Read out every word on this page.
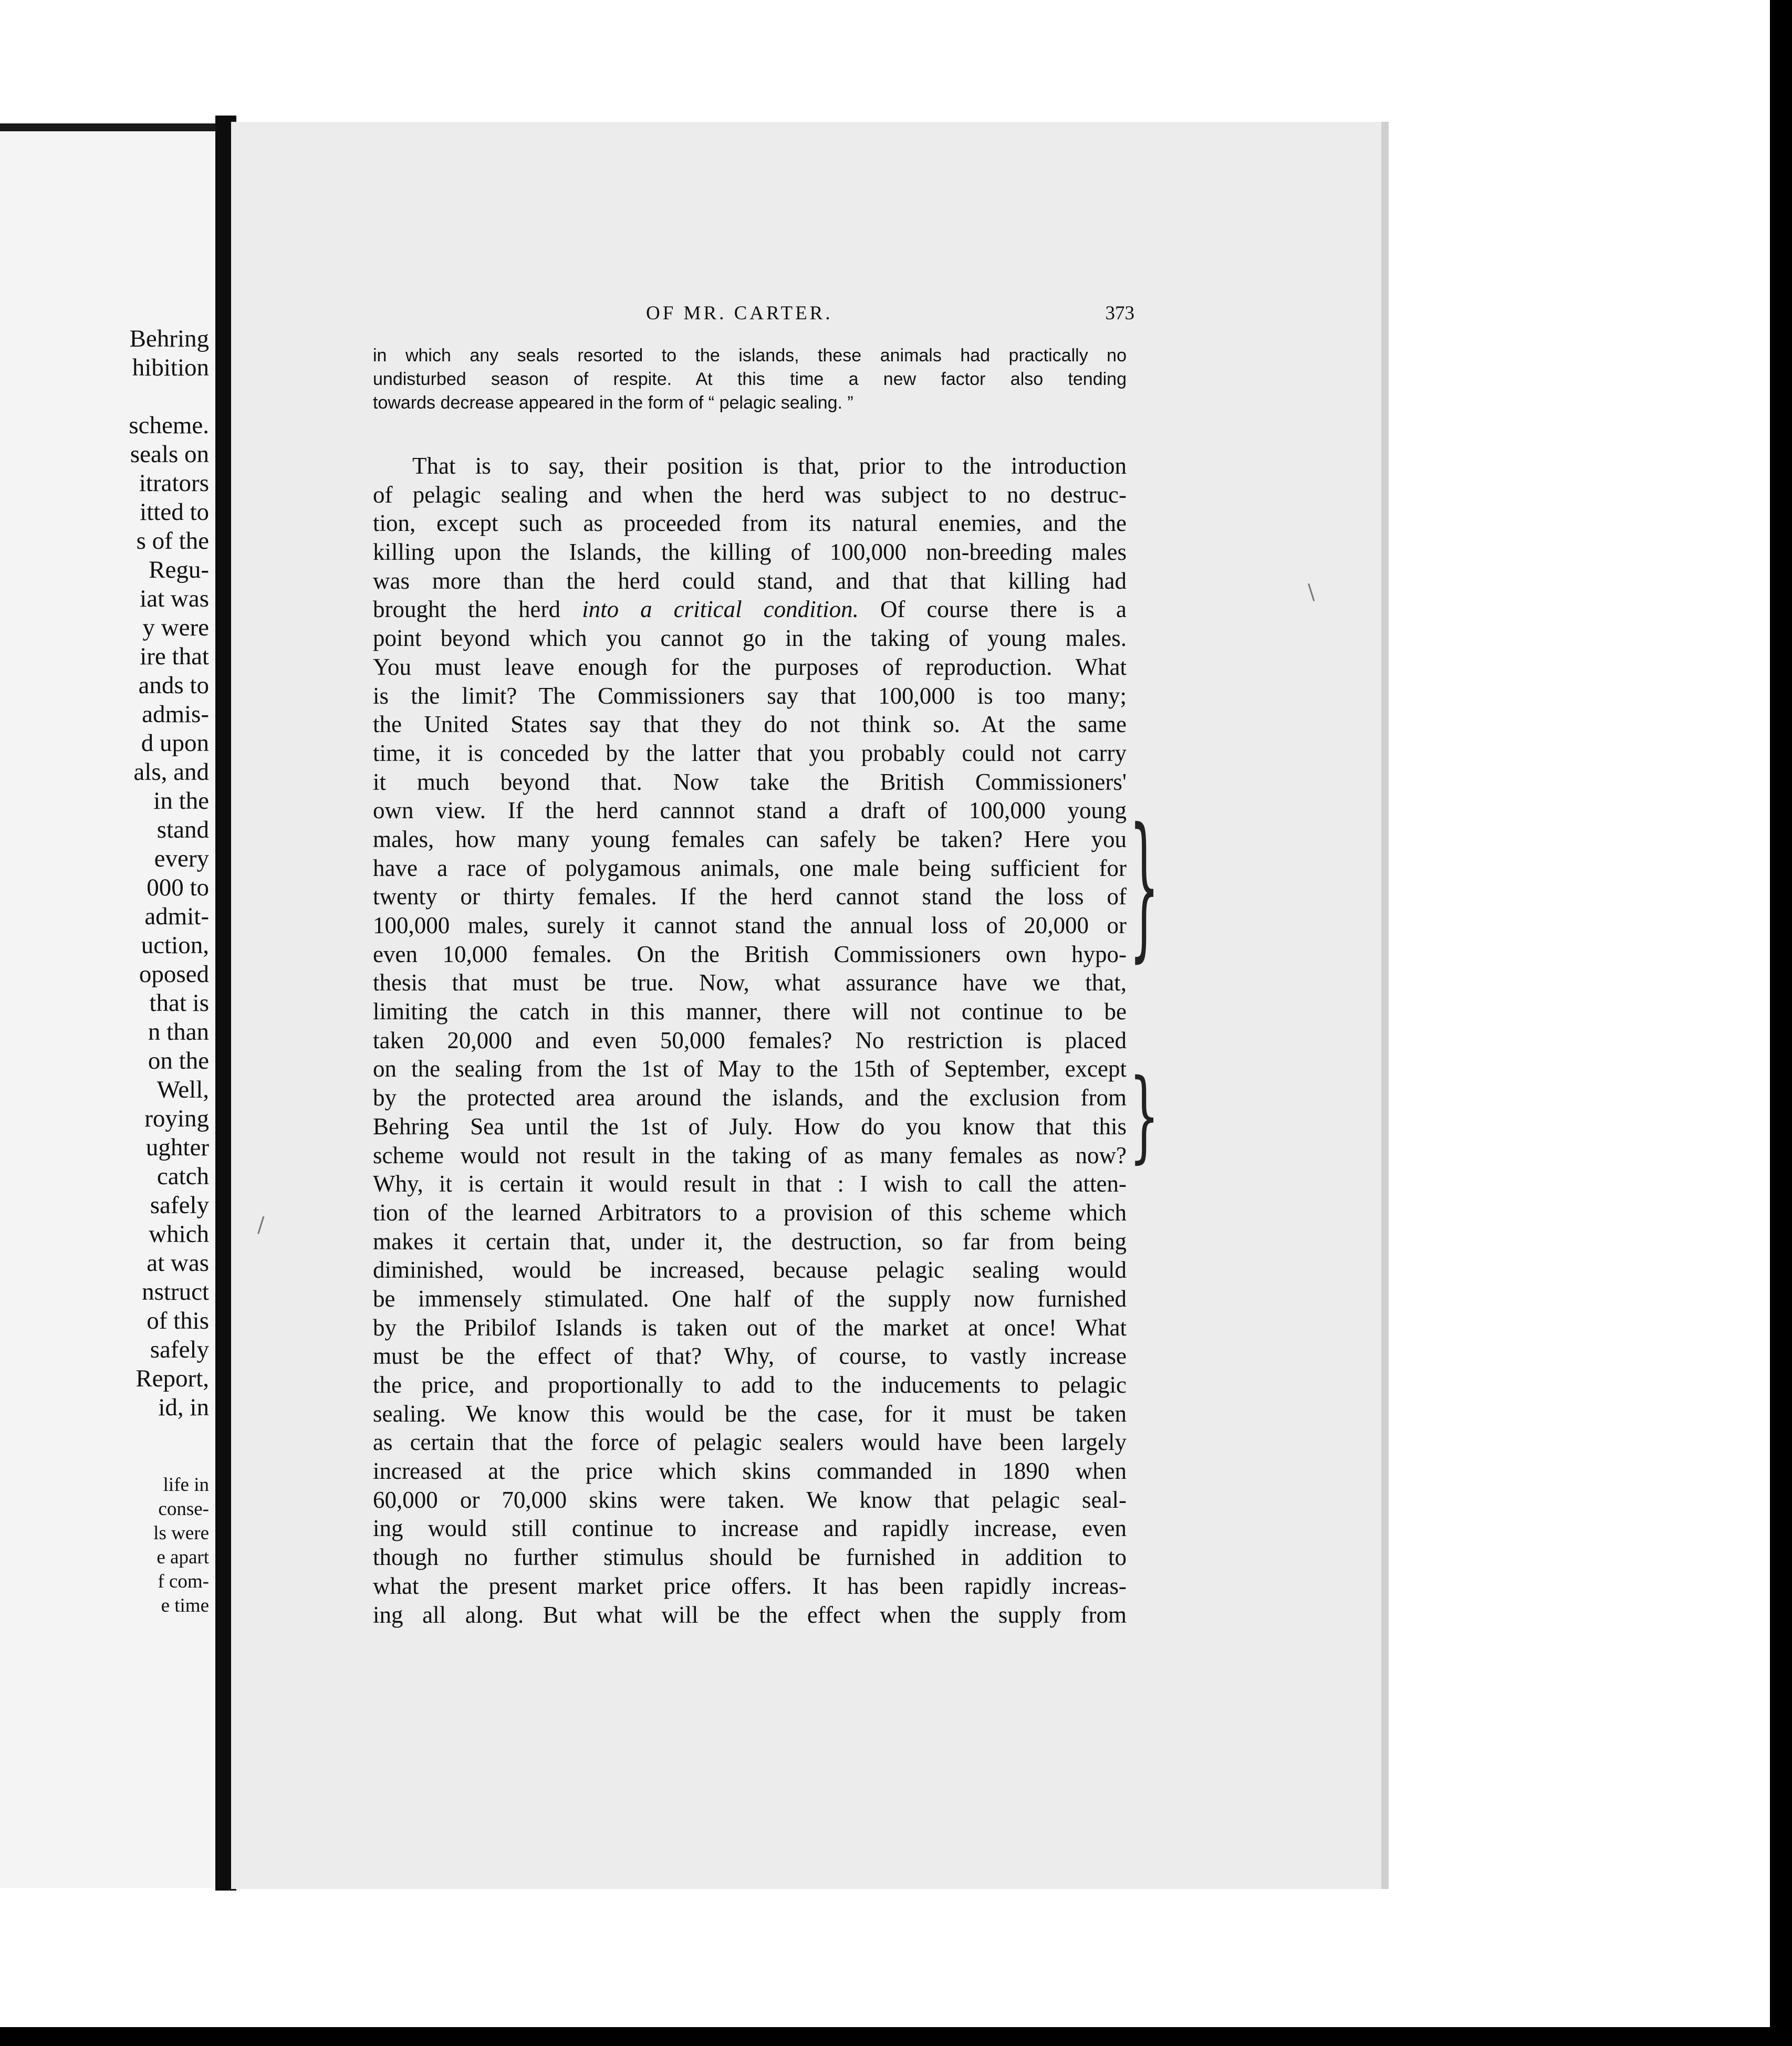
Behring
hibition
scheme.
seals on
itrators
itted to
s of the
Regu-
iat was
y were
ire that
ands to
admis-
d upon
als, and
in the
stand
every
000 to
admit-
uction,
oposed
that is
n than
on the
Well,
roying
ughter
catch
safely
which
at was
nstruct
of this
safely
Report,
id, in
life in
conse-
ls were
e apart
f com-
e time
OF MR. CARTER.	373
in which any seals resorted to the islands, these animals had practically no
undisturbed season of respite. At this time a new factor also tending
towards decrease appeared in the form of “ pelagic sealing. ”
That is to say, their position is that, prior to the introduction
of pelagic sealing and when the herd was subject to no destruc-
tion, except such as proceeded from its natural enemies, and the
killing upon the Islands, the killing of 100,000 non-breeding males
was more than the herd could stand, and that that killing had
brought the herd into a critical condition. Of course there is a
point beyond which you cannot go in the taking of young males.
You must leave enough for the purposes of reproduction. What
is the limit? The Commissioners say that 100,000 is too many;
the United States say that they do not think so. At the same
time, it is conceded by the latter that you probably could not carry
it much beyond that. Now take the British Commissioners'
own view. If the herd cannnot stand a draft of 100,000 young
males, how many young females can safely be taken? Here you
have a race of polygamous animals, one male being sufficient for
twenty or thirty females. If the herd cannot stand the loss of
100,000 males, surely it cannot stand the annual loss of 20,000 or
even 10,000 females. On the British Commissioners own hypo-
thesis that must be true. Now, what assurance have we that,
limiting the catch in this manner, there will not continue to be
taken 20,000 and even 50,000 females? No restriction is placed
on the sealing from the 1st of May to the 15th of September, except
by the protected area around the islands, and the exclusion from
Behring Sea until the 1st of July. How do you know that this
scheme would not result in the taking of as many females as now?
Why, it is certain it would result in that : I wish to call the atten-
tion of the learned Arbitrators to a provision of this scheme which
makes it certain that, under it, the destruction, so far from being
diminished, would be increased, because pelagic sealing would
be immensely stimulated. One half of the supply now furnished
by the Pribilof Islands is taken out of the market at once! What
must be the effect of that? Why, of course, to vastly increase
the price, and proportionally to add to the inducements to pelagic
sealing. We know this would be the case, for it must be taken
as certain that the force of pelagic sealers would have been largely
increased at the price which skins commanded in 1890 when
60,000 or 70,000 skins were taken. We know that pelagic seal-
ing would still continue to increase and rapidly increase, even
though no further stimulus should be furnished in addition to
what the present market price offers. It has been rapidly increas-
ing all along. But what will be the effect when the supply from
}
}
\
/
